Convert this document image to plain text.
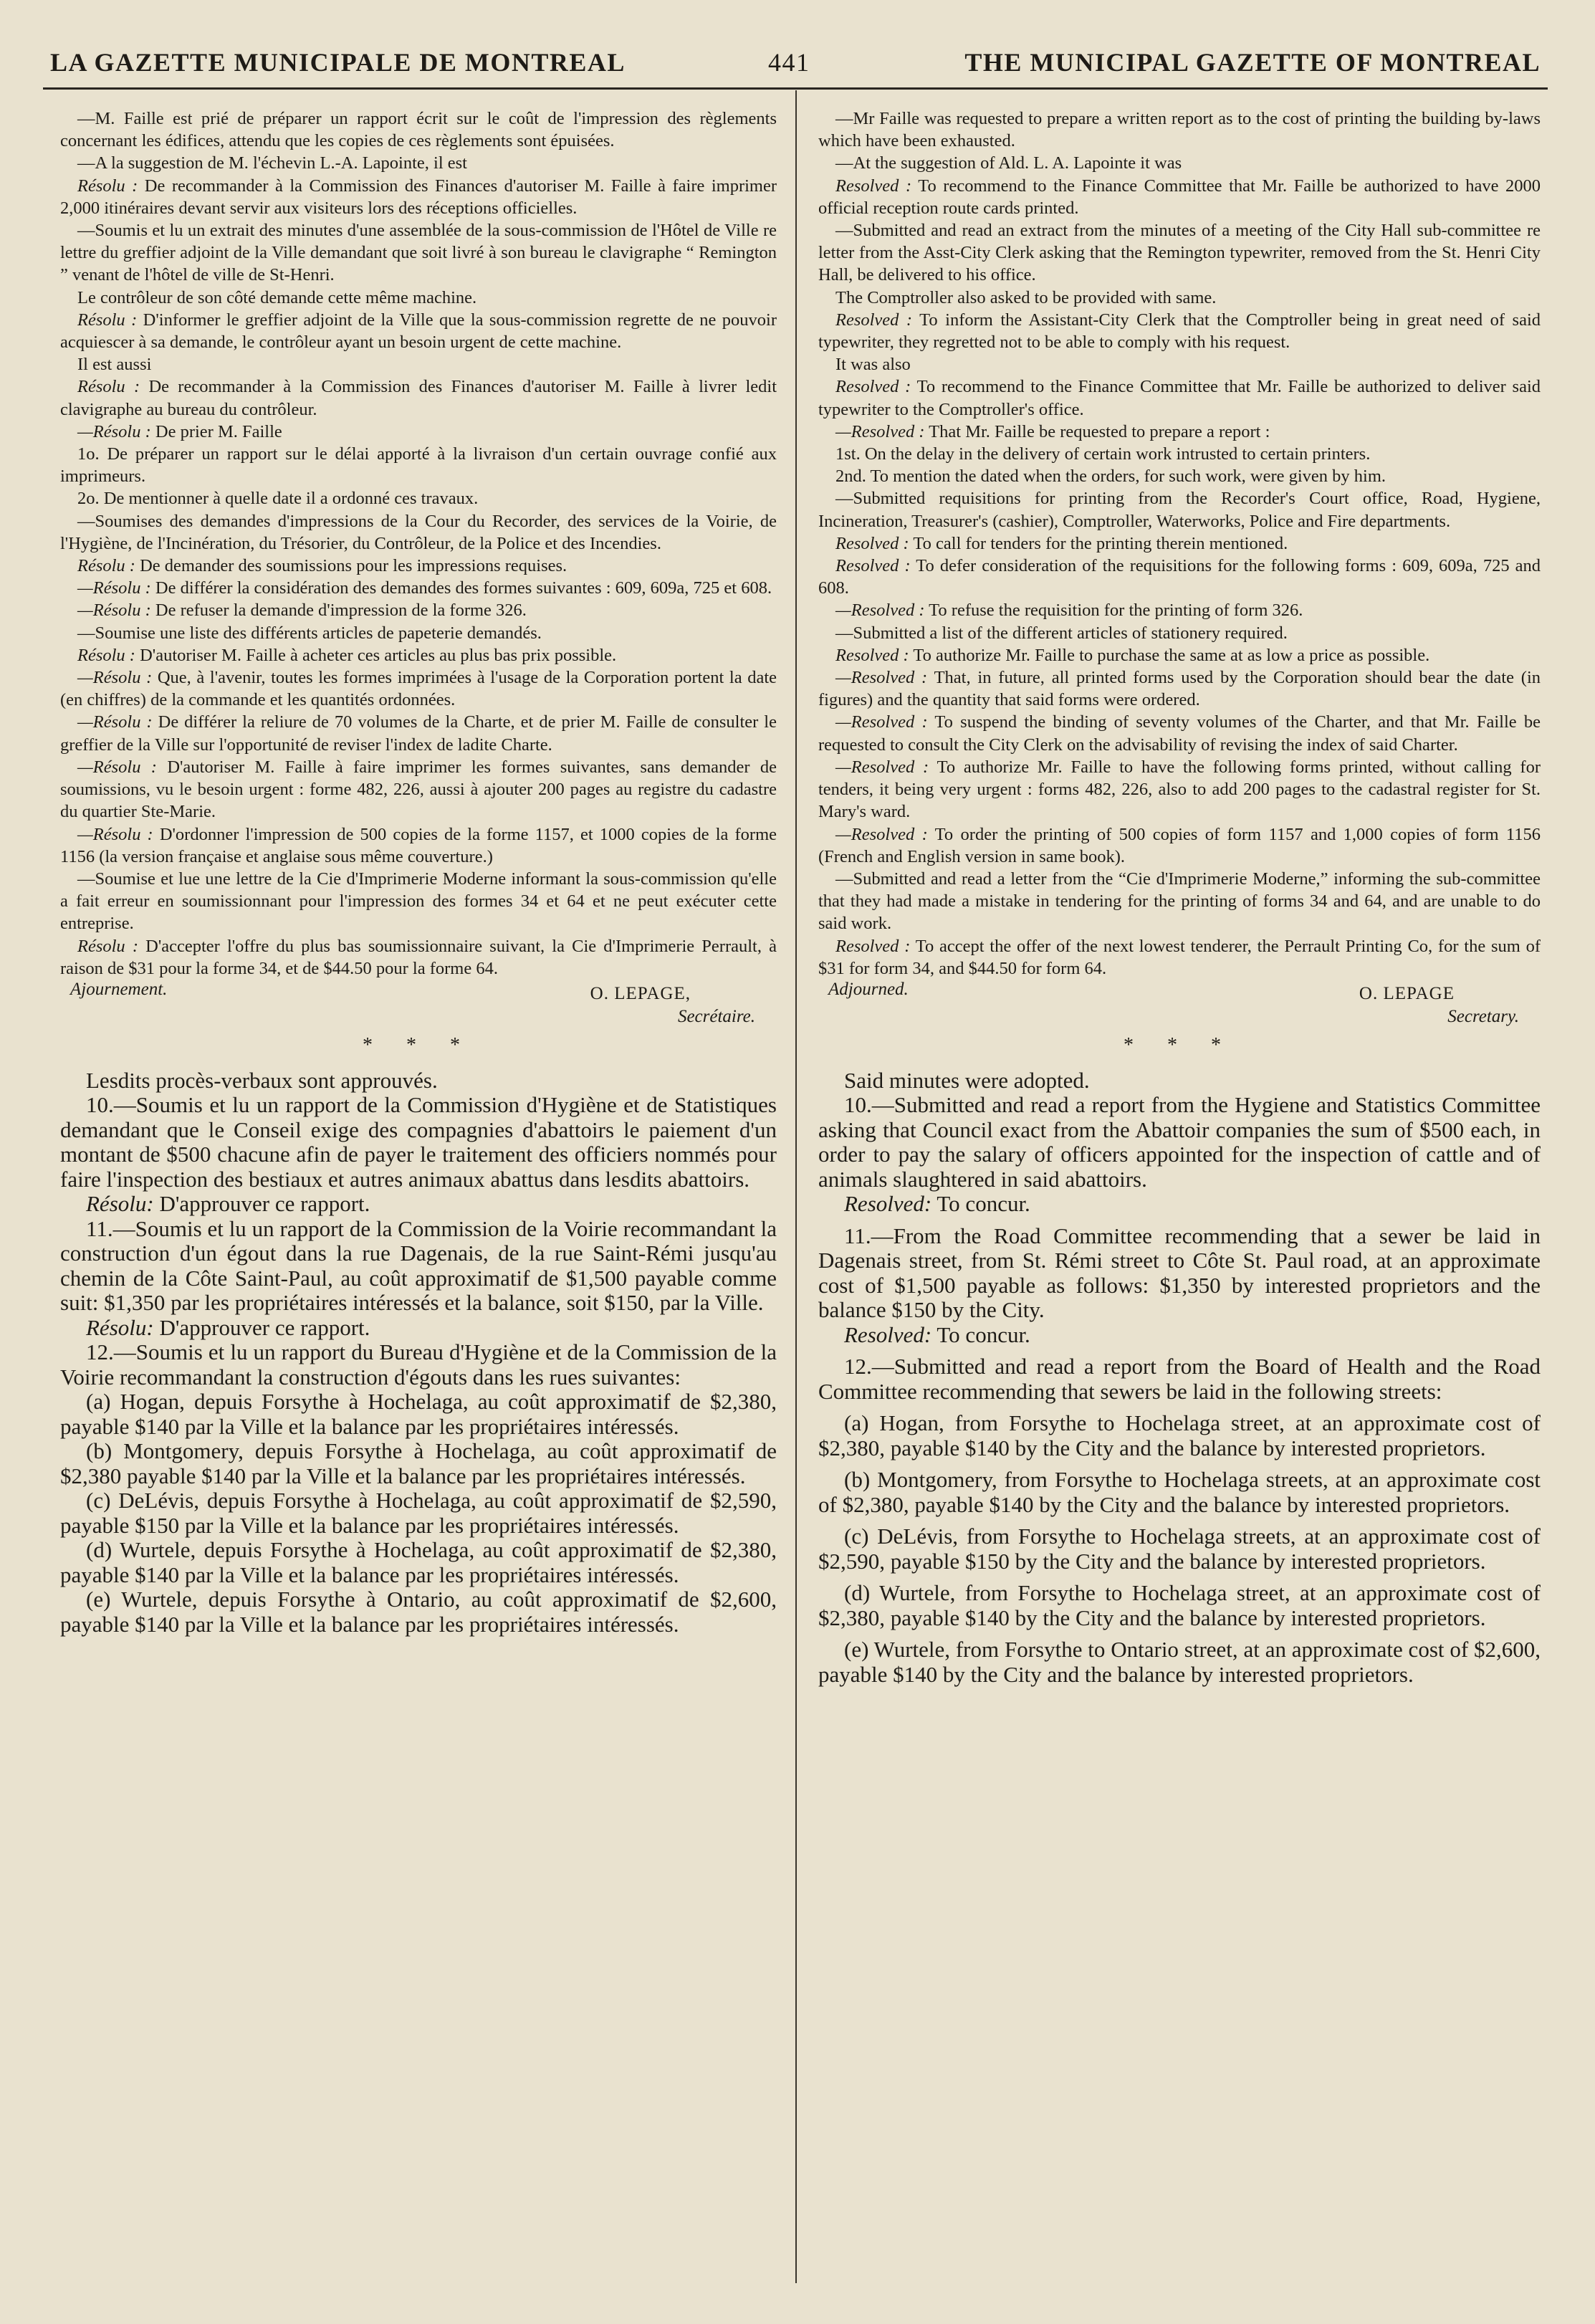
LA GAZETTE MUNICIPALE DE MONTREAL	441	THE MUNICIPAL GAZETTE OF MONTREAL

—M. Faille est prié de préparer un rapport écrit sur le coût de l'impression des règlements concernant les édifices, attendu que les copies de ces règlements sont épuisées.

—A la suggestion de M. l'échevin L.-A. Lapointe, il est

Résolu : De recommander à la Commission des Finances d'autoriser M. Faille à faire imprimer 2,000 itinéraires devant servir aux visiteurs lors des réceptions officielles.

—Soumis et lu un extrait des minutes d'une assemblée de la sous-commission de l'Hôtel de Ville re lettre du greffier adjoint de la Ville demandant que soit livré à son bureau le clavigraphe “ Remington ” venant de l'hôtel de ville de St-Henri.

Le contrôleur de son côté demande cette même machine.

Résolu : D'informer le greffier adjoint de la Ville que la sous-commission regrette de ne pouvoir acquiescer à sa demande, le contrôleur ayant un besoin urgent de cette machine.

Il est aussi

Résolu : De recommander à la Commission des Finances d'autoriser M. Faille à livrer ledit clavigraphe au bureau du contrôleur.

—Résolu : De prier M. Faille

1o. De préparer un rapport sur le délai apporté à la livraison d'un certain ouvrage confié aux imprimeurs.

2o. De mentionner à quelle date il a ordonné ces travaux.

—Soumises des demandes d'impressions de la Cour du Recorder, des services de la Voirie, de l'Hygiène, de l'Incinération, du Trésorier, du Contrôleur, de la Police et des Incendies.

Résolu : De demander des soumissions pour les impressions requises.

—Résolu : De différer la considération des demandes des formes suivantes : 609, 609a, 725 et 608.

—Résolu : De refuser la demande d'impression de la forme 326.

—Soumise une liste des différents articles de papeterie demandés.

Résolu : D'autoriser M. Faille à acheter ces articles au plus bas prix possible.

—Résolu : Que, à l'avenir, toutes les formes imprimées à l'usage de la Corporation portent la date (en chiffres) de la commande et les quantités ordonnées.

—Résolu : De différer la reliure de 70 volumes de la Charte, et de prier M. Faille de consulter le greffier de la Ville sur l'opportunité de reviser l'index de ladite Charte.

—Résolu : D'autoriser M. Faille à faire imprimer les formes suivantes, sans demander de soumissions, vu le besoin urgent : forme 482, 226, aussi à ajouter 200 pages au registre du cadastre du quartier Ste-Marie.

—Résolu : D'ordonner l'impression de 500 copies de la forme 1157, et 1000 copies de la forme 1156 (la version française et anglaise sous même couverture.)

—Soumise et lue une lettre de la Cie d'Imprimerie Moderne informant la sous-commission qu'elle a fait erreur en soumissionnant pour l'impression des formes 34 et 64 et ne peut exécuter cette entreprise.

Résolu : D'accepter l'offre du plus bas soumissionnaire suivant, la Cie d'Imprimerie Perrault, à raison de $31 pour la forme 34, et de $44.50 pour la forme 64.

Ajournement.	O. LEPAGE,
Secrétaire.
* * *

Lesdits procès-verbaux sont approuvés.

10.—Soumis et lu un rapport de la Commission d'Hygiène et de Statistiques demandant que le Conseil exige des compagnies d'abattoirs le paiement d'un montant de $500 chacune afin de payer le traitement des officiers nommés pour faire l'inspection des bestiaux et autres animaux abattus dans lesdits abattoirs.

Résolu: D'approuver ce rapport.

11.—Soumis et lu un rapport de la Commission de la Voirie recommandant la construction d'un égout dans la rue Dagenais, de la rue Saint-Rémi jusqu'au chemin de la Côte Saint-Paul, au coût approximatif de $1,500 payable comme suit: $1,350 par les propriétaires intéressés et la balance, soit $150, par la Ville.

Résolu: D'approuver ce rapport.

12.—Soumis et lu un rapport du Bureau d'Hygiène et de la Commission de la Voirie recommandant la construction d'égouts dans les rues suivantes:

(a) Hogan, depuis Forsythe à Hochelaga, au coût approximatif de $2,380, payable $140 par la Ville et la balance par les propriétaires intéressés.

(b) Montgomery, depuis Forsythe à Hochelaga, au coût approximatif de $2,380 payable $140 par la Ville et la balance par les propriétaires intéressés.

(c) DeLévis, depuis Forsythe à Hochelaga, au coût approximatif de $2,590, payable $150 par la Ville et la balance par les propriétaires intéressés.

(d) Wurtele, depuis Forsythe à Hochelaga, au coût approximatif de $2,380, payable $140 par la Ville et la balance par les propriétaires intéressés.

(e) Wurtele, depuis Forsythe à Ontario, au coût approximatif de $2,600, payable $140 par la Ville et la balance par les propriétaires intéressés.

—Mr Faille was requested to prepare a written report as to the cost of printing the building by-laws which have been exhausted.

—At the suggestion of Ald. L. A. Lapointe it was

Resolved : To recommend to the Finance Committee that Mr. Faille be authorized to have 2000 official reception route cards printed.

—Submitted and read an extract from the minutes of a meeting of the City Hall sub-committee re letter from the Asst-City Clerk asking that the Remington typewriter, removed from the St. Henri City Hall, be delivered to his office.

The Comptroller also asked to be provided with same.

Resolved : To inform the Assistant-City Clerk that the Comptroller being in great need of said typewriter, they regretted not to be able to comply with his request.

It was also

Resolved : To recommend to the Finance Committee that Mr. Faille be authorized to deliver said typewriter to the Comptroller's office.

—Resolved : That Mr. Faille be requested to prepare a report :

1st. On the delay in the delivery of certain work intrusted to certain printers.

2nd. To mention the dated when the orders, for such work, were given by him.

—Submitted requisitions for printing from the Recorder's Court office, Road, Hygiene, Incineration, Treasurer's (cashier), Comptroller, Waterworks, Police and Fire departments.

Resolved : To call for tenders for the printing therein mentioned.

Resolved : To defer consideration of the requisitions for the following forms : 609, 609a, 725 and 608.

—Resolved : To refuse the requisition for the printing of form 326.

—Submitted a list of the different articles of stationery required.

Resolved : To authorize Mr. Faille to purchase the same at as low a price as possible.

—Resolved : That, in future, all printed forms used by the Corporation should bear the date (in figures) and the quantity that said forms were ordered.

—Resolved : To suspend the binding of seventy volumes of the Charter, and that Mr. Faille be requested to consult the City Clerk on the advisability of revising the index of said Charter.

—Resolved : To authorize Mr. Faille to have the following forms printed, without calling for tenders, it being very urgent : forms 482, 226, also to add 200 pages to the cadastral register for St. Mary's ward.

—Resolved : To order the printing of 500 copies of form 1157 and 1,000 copies of form 1156 (French and English version in same book).

—Submitted and read a letter from the “Cie d'Imprimerie Moderne,” informing the sub-committee that they had made a mistake in tendering for the printing of forms 34 and 64, and are unable to do said work.

Resolved : To accept the offer of the next lowest tenderer, the Perrault Printing Co, for the sum of $31 for form 34, and $44.50 for form 64.

Adjourned.	O. LEPAGE
Secretary.
* * *

Said minutes were adopted.

10.—Submitted and read a report from the Hygiene and Statistics Committee asking that Council exact from the Abattoir companies the sum of $500 each, in order to pay the salary of officers appointed for the inspection of cattle and of animals slaughtered in said abattoirs.

Resolved: To concur.

11.—From the Road Committee recommending that a sewer be laid in Dagenais street, from St. Rémi street to Côte St. Paul road, at an approximate cost of $1,500 payable as follows: $1,350 by interested proprietors and the balance $150 by the City.

Resolved: To concur.

12.—Submitted and read a report from the Board of Health and the Road Committee recommending that sewers be laid in the following streets:

(a) Hogan, from Forsythe to Hochelaga street, at an approximate cost of $2,380, payable $140 by the City and the balance by interested proprietors.

(b) Montgomery, from Forsythe to Hochelaga streets, at an approximate cost of $2,380, payable $140 by the City and the balance by interested proprietors.

(c) DeLévis, from Forsythe to Hochelaga streets, at an approximate cost of $2,590, payable $150 by the City and the balance by interested proprietors.

(d) Wurtele, from Forsythe to Hochelaga street, at an approximate cost of $2,380, payable $140 by the City and the balance by interested proprietors.

(e) Wurtele, from Forsythe to Ontario street, at an approximate cost of $2,600, payable $140 by the City and the balance by interested proprietors.
